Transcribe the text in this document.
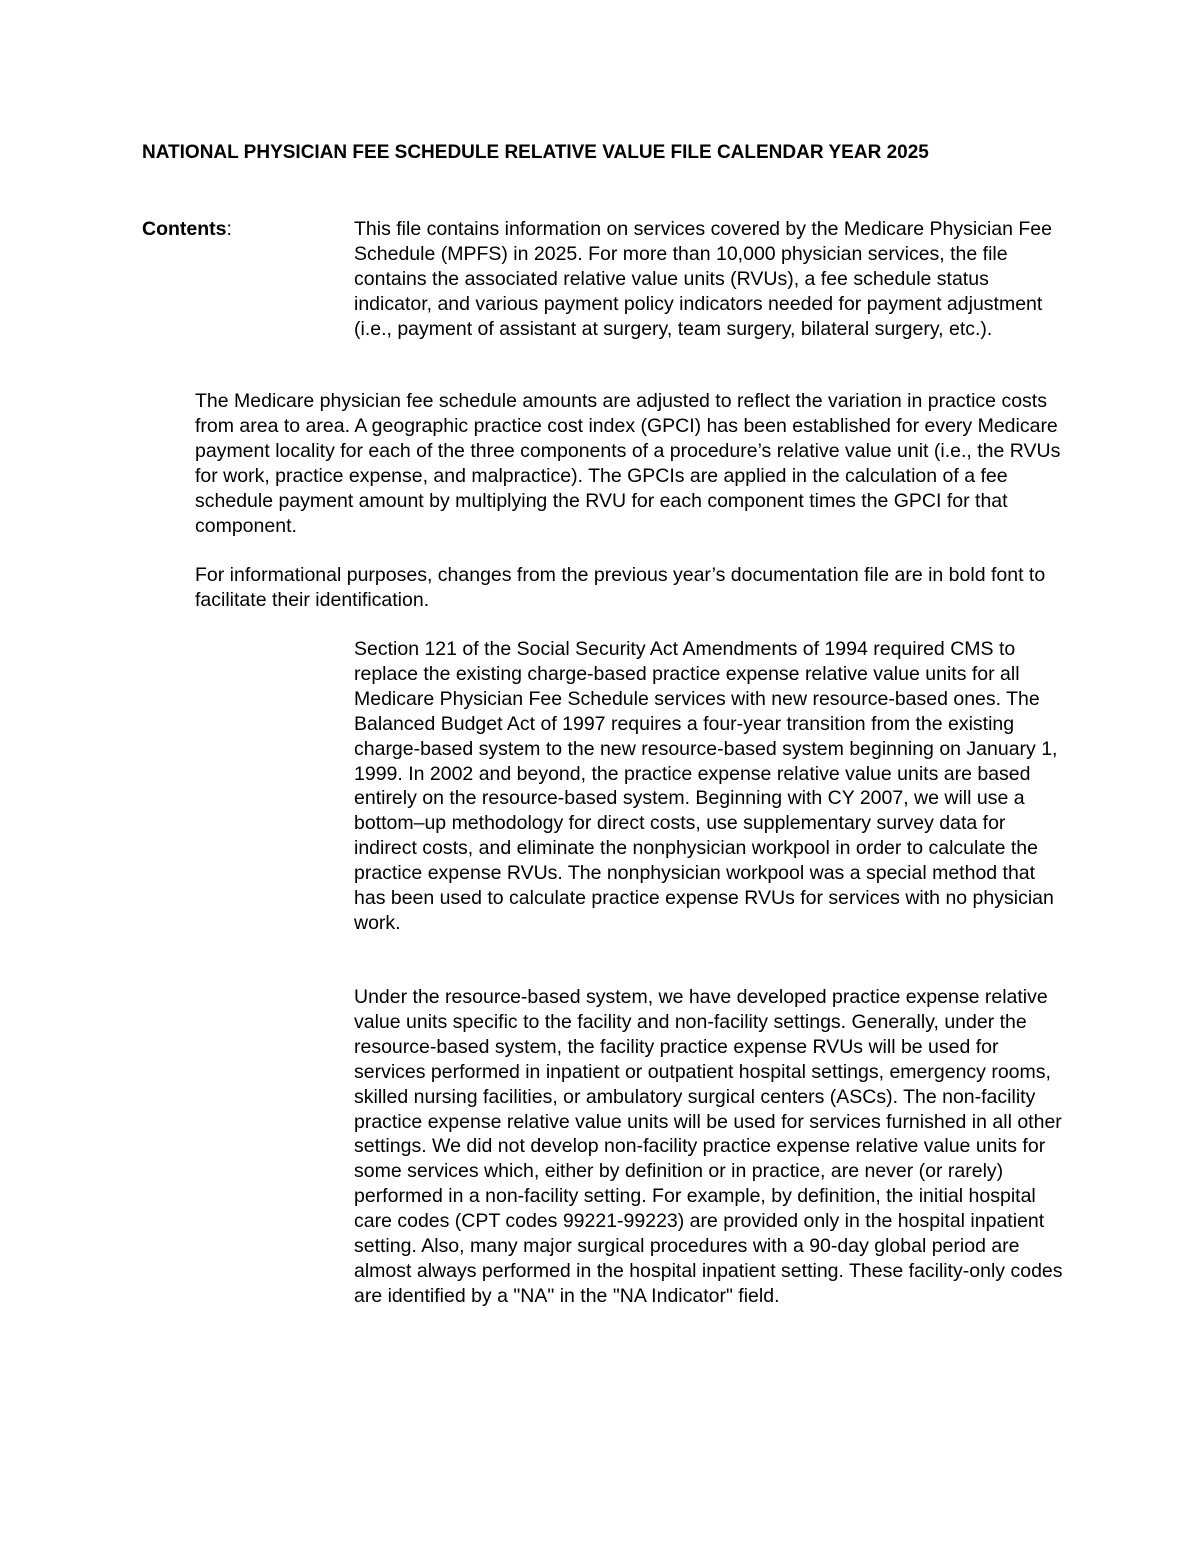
NATIONAL PHYSICIAN FEE SCHEDULE RELATIVE VALUE FILE CALENDAR YEAR 2025
Contents:	This file contains information on services covered by the Medicare Physician Fee Schedule (MPFS) in 2025. For more than 10,000 physician services, the file contains the associated relative value units (RVUs), a fee schedule status indicator, and various payment policy indicators needed for payment adjustment (i.e., payment of assistant at surgery, team surgery, bilateral surgery, etc.).

The Medicare physician fee schedule amounts are adjusted to reflect the variation in practice costs from area to area. A geographic practice cost index (GPCI) has been established for every Medicare payment locality for each of the three components of a procedure’s relative value unit (i.e., the RVUs for work, practice expense, and malpractice). The GPCIs are applied in the calculation of a fee schedule payment amount by multiplying the RVU for each component times the GPCI for that component.

For informational purposes, changes from the previous year’s documentation file are in bold font to facilitate their identification.

Section 121 of the Social Security Act Amendments of 1994 required CMS to replace the existing charge-based practice expense relative value units for all Medicare Physician Fee Schedule services with new resource-based ones. The Balanced Budget Act of 1997 requires a four-year transition from the existing charge-based system to the new resource-based system beginning on January 1, 1999. In 2002 and beyond, the practice expense relative value units are based entirely on the resource-based system. Beginning with CY 2007, we will use a bottom–up methodology for direct costs, use supplementary survey data for indirect costs, and eliminate the nonphysician workpool in order to calculate the practice expense RVUs. The nonphysician workpool was a special method that has been used to calculate practice expense RVUs for services with no physician work.

Under the resource-based system, we have developed practice expense relative value units specific to the facility and non-facility settings. Generally, under the resource-based system, the facility practice expense RVUs will be used for services performed in inpatient or outpatient hospital settings, emergency rooms, skilled nursing facilities, or ambulatory surgical centers (ASCs). The non-facility practice expense relative value units will be used for services furnished in all other settings. We did not develop non-facility practice expense relative value units for some services which, either by definition or in practice, are never (or rarely) performed in a non-facility setting. For example, by definition, the initial hospital care codes (CPT codes 99221-99223) are provided only in the hospital inpatient setting. Also, many major surgical procedures with a 90-day global period are almost always performed in the hospital inpatient setting. These facility-only codes are identified by a "NA" in the "NA Indicator" field.
